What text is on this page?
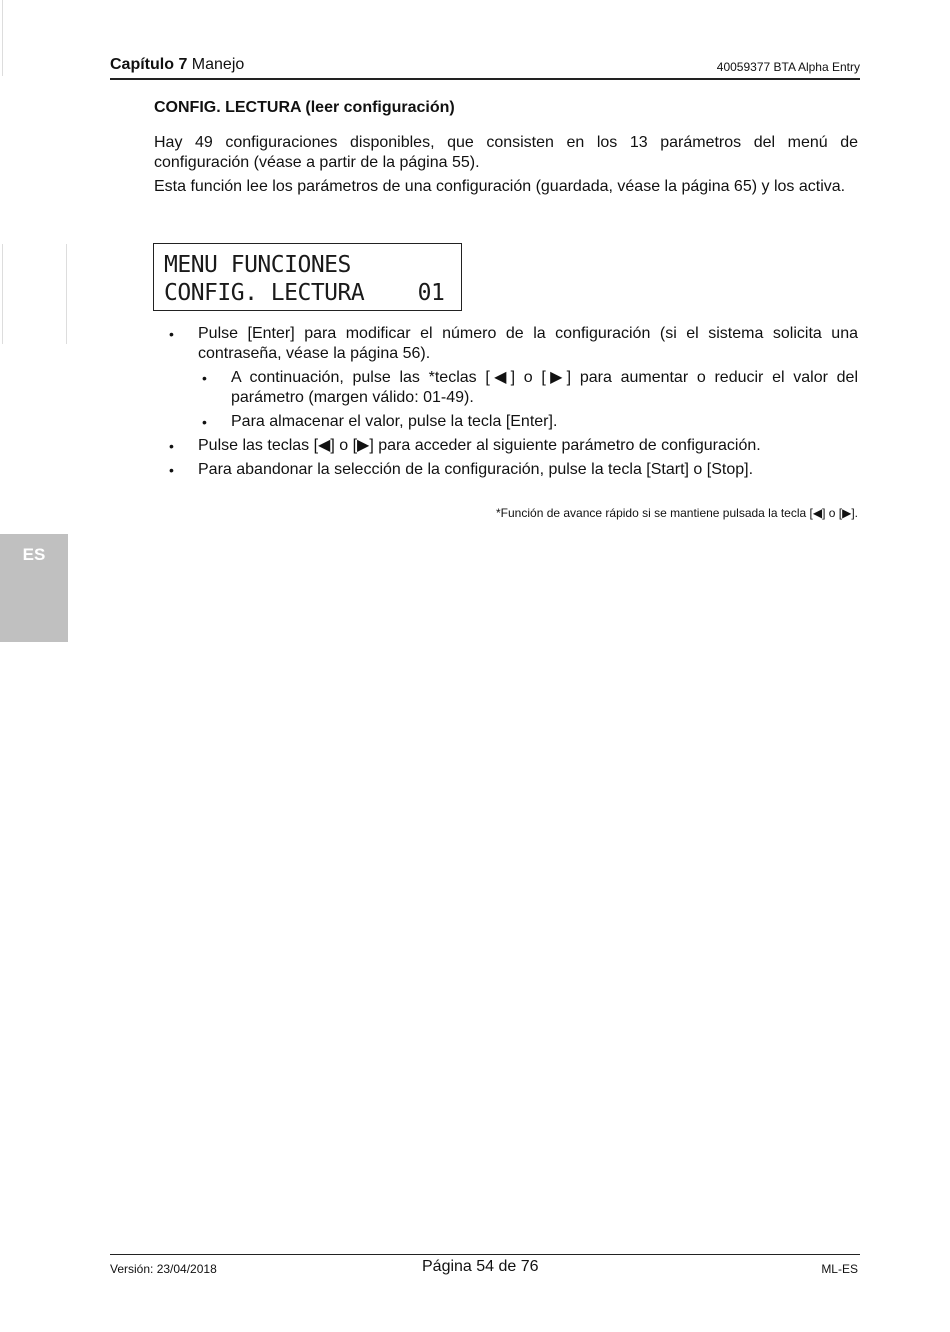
Capítulo 7 Manejo	40059377 BTA Alpha Entry
CONFIG. LECTURA (leer configuración)
Hay 49 configuraciones disponibles, que consisten en los 13 parámetros del menú de configuración (véase a partir de la página 55).
Esta función lee los parámetros de una configuración (guardada, véase la página 65) y los activa.
MENU FUNCIONES
CONFIG. LECTURA    01
• Pulse [Enter] para modificar el número de la configuración (si el sistema solicita una contraseña, véase la página 56).
• A continuación, pulse las *teclas [◀] o [▶] para aumentar o reducir el valor del parámetro (margen válido: 01-49).
• Para almacenar el valor, pulse la tecla [Enter].
• Pulse las teclas [◀] o [▶] para acceder al siguiente parámetro de configuración.
• Para abandonar la selección de la configuración, pulse la tecla [Start] o [Stop].
*Función de avance rápido si se mantiene pulsada la tecla [◀] o [▶].
ES
Versión: 23/04/2018	Página 54 de 76	ML-ES
